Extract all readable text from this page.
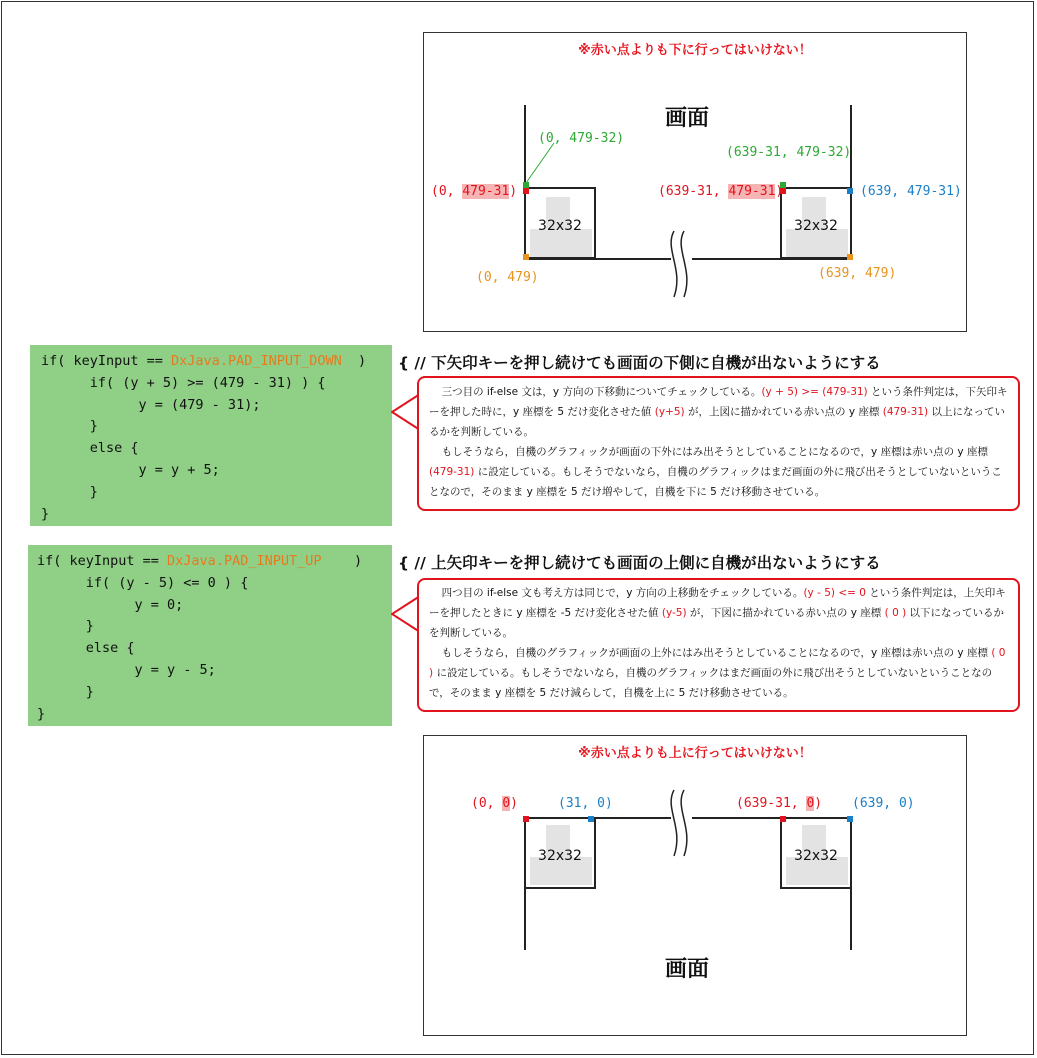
※赤い点よりも下に行ってはいけない！
画面
32x32	32x32
(0, 479-32)
(639-31, 479-32)
(0, 479-31)	(639-31, 479-31)	(639, 479-31)
(0, 479)	(639, 479)
if( keyInput == DxJava.PAD_INPUT_DOWN  )
if( (y + 5) >= (479 - 31) ) {
y = (479 - 31);
}
else {
y = y + 5;
}
}
{ // 下矢印キーを押し続けても画面の下側に自機が出ないようにする

三つ目の if-else 文は，y 方向の下移動についてチェックしている。(y + 5) >= (479-31) という条件判定は，下矢印キーを押した時に，y 座標を 5 だけ変化させた値 (y+5) が，上図に描かれている赤い点の y 座標 (479-31) 以上になっているかを判断している。

もしそうなら，自機のグラフィックが画面の下外にはみ出そうとしていることになるので，y 座標は赤い点の y 座標 (479-31) に設定している。もしそうでないなら，自機のグラフィックはまだ画面の外に飛び出そうとしていないということなので，そのまま y 座標を 5 だけ増やして，自機を下に 5 だけ移動させている。

if( keyInput == DxJava.PAD_INPUT_UP    )
if( (y - 5) <= 0 ) {
y = 0;
}
else {
y = y - 5;
}
}
{ // 上矢印キーを押し続けても画面の上側に自機が出ないようにする

四つ目の if-else 文も考え方は同じで，y 方向の上移動をチェックしている。(y - 5) <= 0 という条件判定は，上矢印キーを押したときに y 座標を -5 だけ変化させた値 (y-5) が，下図に描かれている赤い点の y 座標 ( 0 ) 以下になっているかを判断している。

もしそうなら，自機のグラフィックが画面の上外にはみ出そうとしていることになるので，y 座標は赤い点の y 座標 ( 0 ) に設定している。もしそうでないなら，自機のグラフィックはまだ画面の外に飛び出そうとしていないということなので，そのまま y 座標を 5 だけ減らして，自機を上に 5 だけ移動させている。

※赤い点よりも上に行ってはいけない！
画面
32x32	32x32
(0, 0)	(31, 0)	(639-31, 0) (639, 0)
